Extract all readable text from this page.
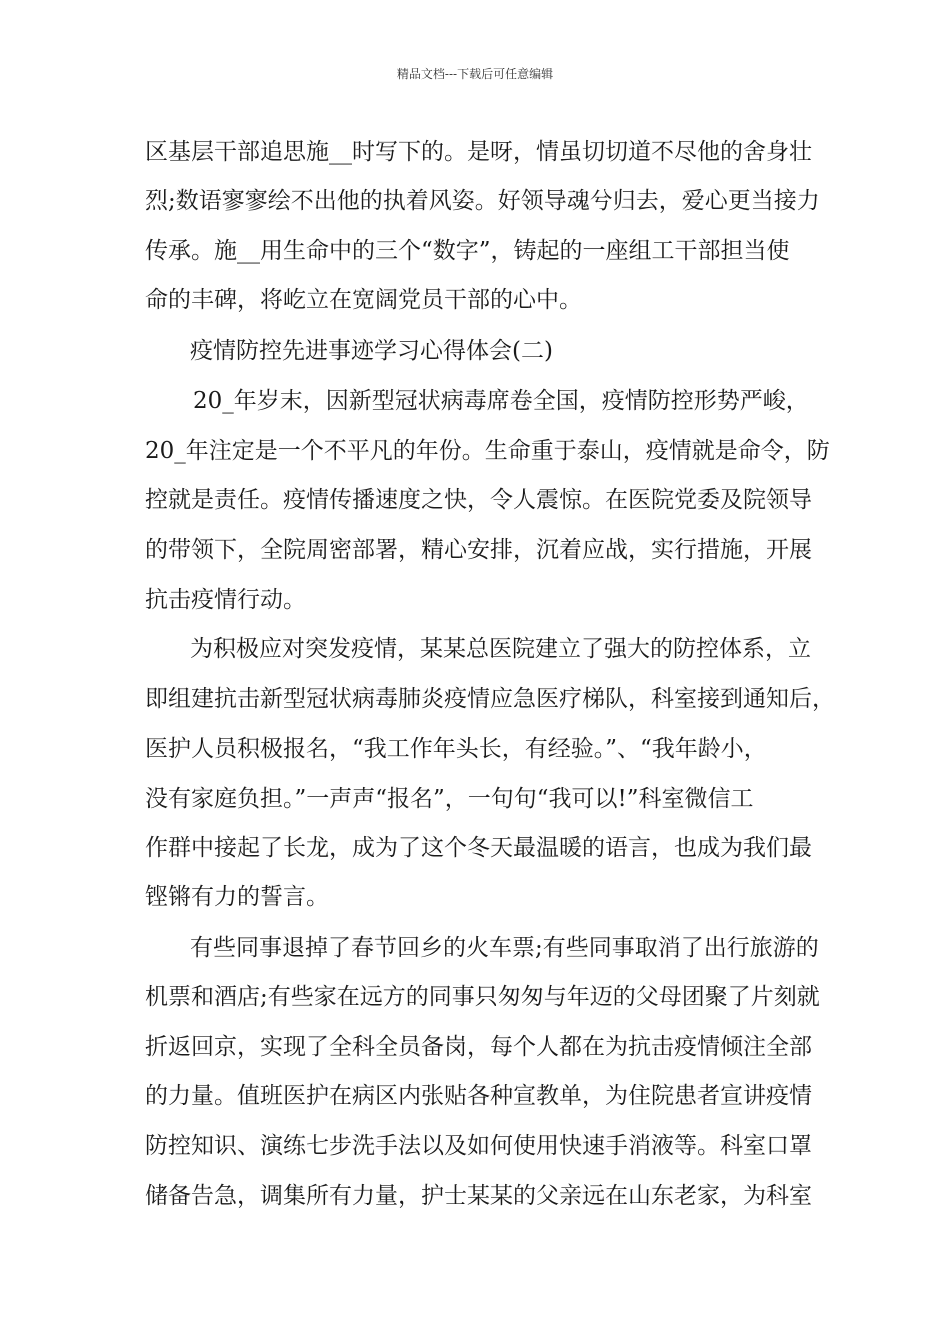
精品文档---下载后可任意编辑
区基层干部追思施__时写下的。是呀，情虽切切道不尽他的舍身壮
烈;数语寥寥绘不出他的执着风姿。好领导魂兮归去，爱心更当接力
传承。施__用生命中的三个“数字”，铸起的一座组工干部担当使
命的丰碑，将屹立在宽阔党员干部的心中。
疫情防控先进事迹学习心得体会(二)
20_年岁末，因新型冠状病毒席卷全国，疫情防控形势严峻，
20_年注定是一个不平凡的年份。生命重于泰山，疫情就是命令，防
控就是责任。疫情传播速度之快，令人震惊。在医院党委及院领导
的带领下，全院周密部署，精心安排，沉着应战，实行措施，开展
抗击疫情行动。
为积极应对突发疫情，某某总医院建立了强大的防控体系，立
即组建抗击新型冠状病毒肺炎疫情应急医疗梯队，科室接到通知后，
医护人员积极报名，“我工作年头长，有经验。”、“我年龄小，
没有家庭负担。”一声声“报名”，一句句“我可以!”科室微信工
作群中接起了长龙，成为了这个冬天最温暖的语言，也成为我们最
铿锵有力的誓言。
有些同事退掉了春节回乡的火车票;有些同事取消了出行旅游的
机票和酒店;有些家在远方的同事只匆匆与年迈的父母团聚了片刻就
折返回京，实现了全科全员备岗，每个人都在为抗击疫情倾注全部
的力量。值班医护在病区内张贴各种宣教单，为住院患者宣讲疫情
防控知识、演练七步洗手法以及如何使用快速手消液等。科室口罩
储备告急，调集所有力量，护士某某的父亲远在山东老家，为科室
